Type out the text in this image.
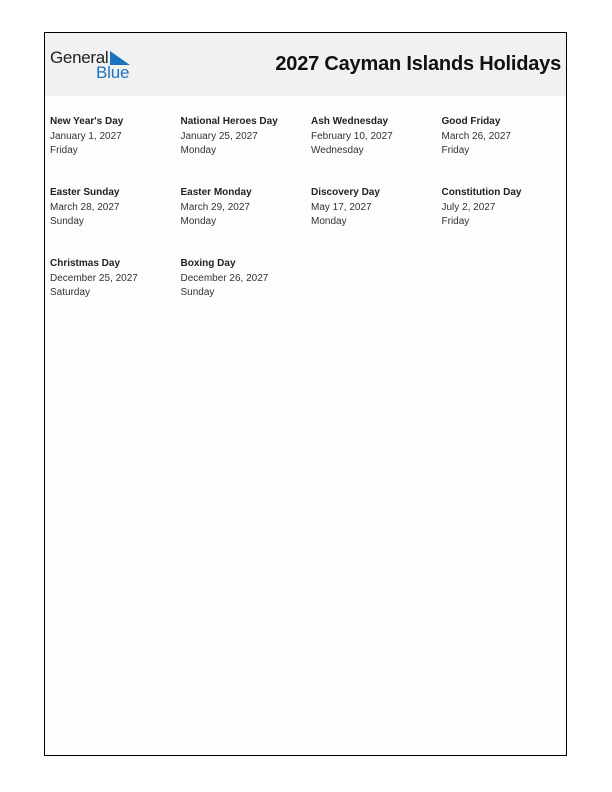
General
Blue	2027 Cayman Islands Holidays
New Year's Day
January 1, 2027
Friday
National Heroes Day
January 25, 2027
Monday
Ash Wednesday
February 10, 2027
Wednesday
Good Friday
March 26, 2027
Friday
Easter Sunday
March 28, 2027
Sunday
Easter Monday
March 29, 2027
Monday
Discovery Day
May 17, 2027
Monday
Constitution Day
July 2, 2027
Friday
Christmas Day
December 25, 2027
Saturday
Boxing Day
December 26, 2027
Sunday
